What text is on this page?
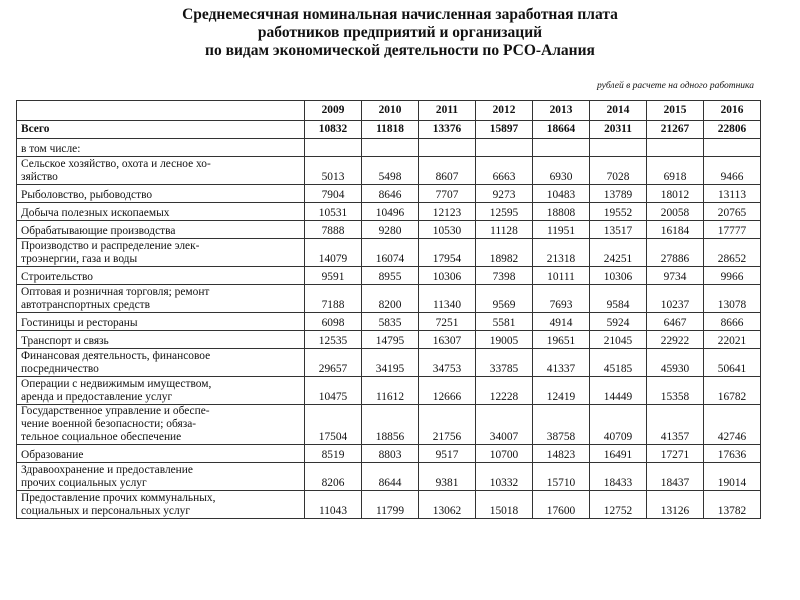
Среднемесячная номинальная начисленная заработная плата
работников предприятий и организаций
по видам экономической деятельности по РСО-Алания
рублей в расчете на одного работника
	2009	2010	2011	2012	2013	2014	2015	2016

Всего	10832	11818	13376	15897	18664	20311	21267	22806

в том числе:								

Сельское хозяйство, охота и лесное хо-
зяйство	5013	5498	8607	6663	6930	7028	6918	9466

Рыболовство, рыбоводство	7904	8646	7707	9273	10483	13789	18012	13113

Добыча полезных ископаемых	10531	10496	12123	12595	18808	19552	20058	20765

Обрабатывающие производства	7888	9280	10530	11128	11951	13517	16184	17777

Производство и распределение элек-
троэнергии, газа и воды	14079	16074	17954	18982	21318	24251	27886	28652

Строительство	9591	8955	10306	7398	10111	10306	9734	9966

Оптовая и розничная торговля; ремонт
автотранспортных средств	7188	8200	11340	9569	7693	9584	10237	13078

Гостиницы и рестораны	6098	5835	7251	5581	4914	5924	6467	8666

Транспорт и связь	12535	14795	16307	19005	19651	21045	22922	22021

Финансовая деятельность, финансовое
посредничество	29657	34195	34753	33785	41337	45185	45930	50641

Операции с недвижимым имуществом,
аренда и предоставление услуг	10475	11612	12666	12228	12419	14449	15358	16782

Государственное управление и обеспе-
чение военной безопасности; обяза-
тельное социальное обеспечение	17504	18856	21756	34007	38758	40709	41357	42746

Образование	8519	8803	9517	10700	14823	16491	17271	17636

Здравоохранение и предоставление
прочих социальных услуг	8206	8644	9381	10332	15710	18433	18437	19014

Предоставление прочих коммунальных,
социальных и персональных услуг	11043	11799	13062	15018	17600	12752	13126	13782
